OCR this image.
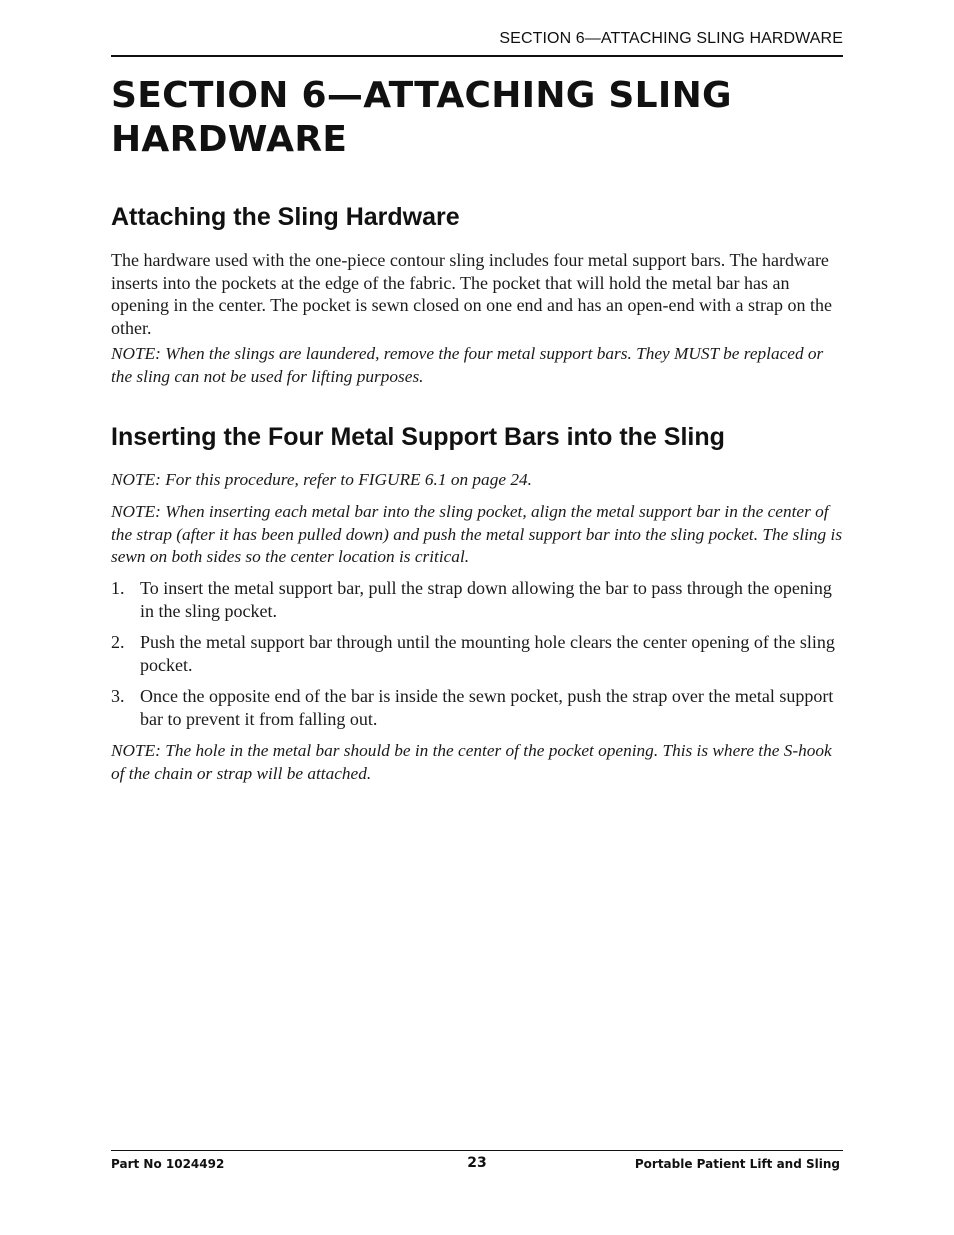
SECTION 6—ATTACHING SLING HARDWARE
SECTION 6—ATTACHING SLING HARDWARE
Attaching the Sling Hardware

The hardware used with the one-piece contour sling includes four metal support bars. The hardware inserts into the pockets at the edge of the fabric. The pocket that will hold the metal bar has an opening in the center. The pocket is sewn closed on one end and has an open-end with a strap on the other.

NOTE: When the slings are laundered, remove the four metal support bars. They MUST be replaced or the sling can not be used for lifting purposes.

Inserting the Four Metal Support Bars into the Sling

NOTE: For this procedure, refer to FIGURE 6.1 on page 24.

NOTE: When inserting each metal bar into the sling pocket, align the metal support bar in the center of the strap (after it has been pulled down) and push the metal support bar into the sling pocket. The sling is sewn on both sides so the center location is critical.

1. To insert the metal support bar, pull the strap down allowing the bar to pass through the opening in the sling pocket.
2. Push the metal support bar through until the mounting hole clears the center opening of the sling pocket.
3. Once the opposite end of the bar is inside the sewn pocket, push the strap over the metal support bar to prevent it from falling out.

NOTE: The hole in the metal bar should be in the center of the pocket opening. This is where the S-hook of the chain or strap will be attached.

Part No 1024492	23	Portable Patient Lift and Sling
